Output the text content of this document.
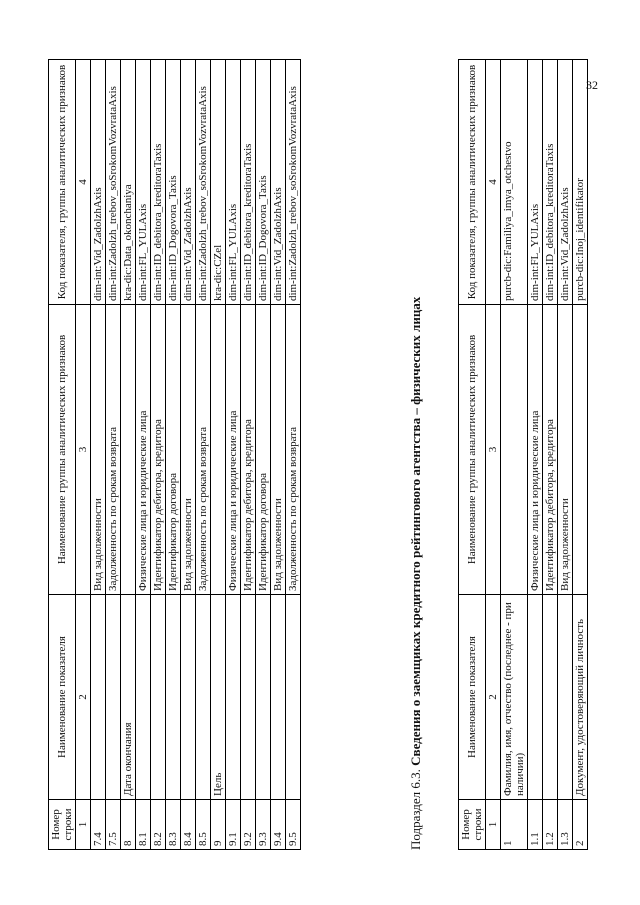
32
Номер строки	Наименование показателя	Наименование группы аналитических признаков	Код показателя, группы аналитических признаков
1	2	3	4
7.4		Вид задолженности	dim-int:Vid_ZadolzhAxis
7.5		Задолженность по срокам возврата	dim-int:Zadolzh_trebov_soSrokomVozvrataAxis
8	Дата окончания		kra-dic:Data_okonchaniya
8.1		Физические лица и юридические лица	dim-int:FL_YULAxis
8.2		Идентификатор дебитора, кредитора	dim-int:ID_debitora_kreditoraTaxis
8.3		Идентификатор договора	dim-int:ID_Dogovora_Taxis
8.4		Вид задолженности	dim-int:Vid_ZadolzhAxis
8.5		Задолженность по срокам возврата	dim-int:Zadolzh_trebov_soSrokomVozvrataAxis
9	Цель		kra-dic:CZel
9.1		Физические лица и юридические лица	dim-int:FL_YULAxis
9.2		Идентификатор дебитора, кредитора	dim-int:ID_debitora_kreditoraTaxis
9.3		Идентификатор договора	dim-int:ID_Dogovora_Taxis
9.4		Вид задолженности	dim-int:Vid_ZadolzhAxis
9.5		Задолженность по срокам возврата	dim-int:Zadolzh_trebov_soSrokomVozvrataAxis
Подраздел 6.3. Сведения о заемщиках кредитного рейтингового агентства – физических лицах
Номер строки	Наименование показателя	Наименование группы аналитических признаков	Код показателя, группы аналитических признаков
1	2	3	4
1	Фамилия, имя, отчество (последнее - при наличии)		purcb-dic:Familiya_imya_otchestvo
1.1		Физические лица и юридические лица	dim-int:FL_YULAxis
1.2		Идентификатор дебитора, кредитора	dim-int:ID_debitora_kreditoraTaxis
1.3		Вид задолженности	dim-int:Vid_ZadolzhAxis
2	Документ, удостоверяющий личность		purcb-dic:Inoj_identifikator
